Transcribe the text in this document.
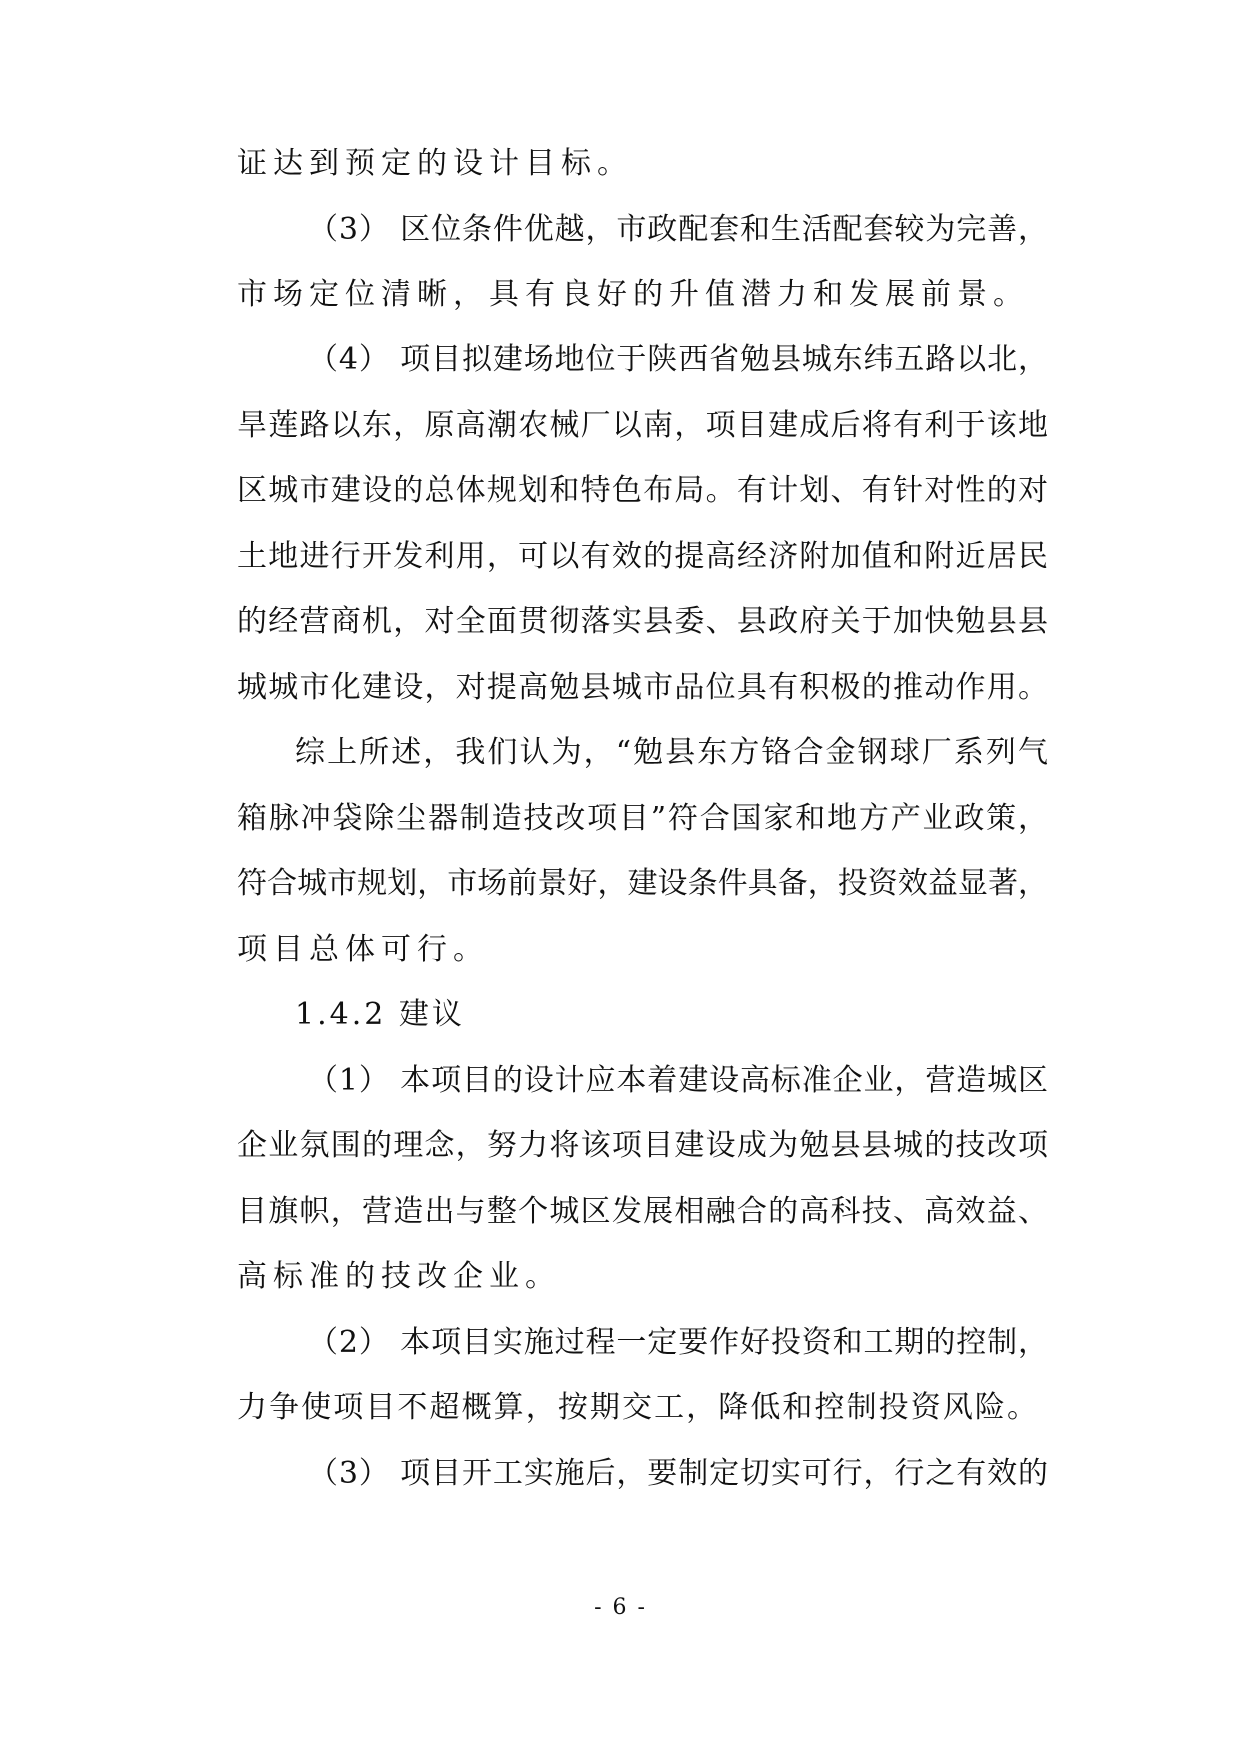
证达到预定的设计目标。
（3） 区位条件优越，市政配套和生活配套较为完善，
市场定位清晰，具有良好的升值潜力和发展前景。
（4） 项目拟建场地位于陕西省勉县城东纬五路以北，
旱莲路以东，原高潮农械厂以南，项目建成后将有利于该地
区城市建设的总体规划和特色布局。有计划、有针对性的对
土地进行开发利用，可以有效的提高经济附加值和附近居民
的经营商机，对全面贯彻落实县委、县政府关于加快勉县县
城城市化建设，对提高勉县城市品位具有积极的推动作用。
综上所述，我们认为，“勉县东方铬合金钢球厂系列气
箱脉冲袋除尘器制造技改项目”符合国家和地方产业政策，
符合城市规划，市场前景好，建设条件具备，投资效益显著，
项目总体可行。
1.4.2 建议
（1） 本项目的设计应本着建设高标准企业，营造城区
企业氛围的理念，努力将该项目建设成为勉县县城的技改项
目旗帜，营造出与整个城区发展相融合的高科技、高效益、
高标准的技改企业。
（2） 本项目实施过程一定要作好投资和工期的控制，
力争使项目不超概算，按期交工，降低和控制投资风险。
（3） 项目开工实施后，要制定切实可行，行之有效的
- 6 -
